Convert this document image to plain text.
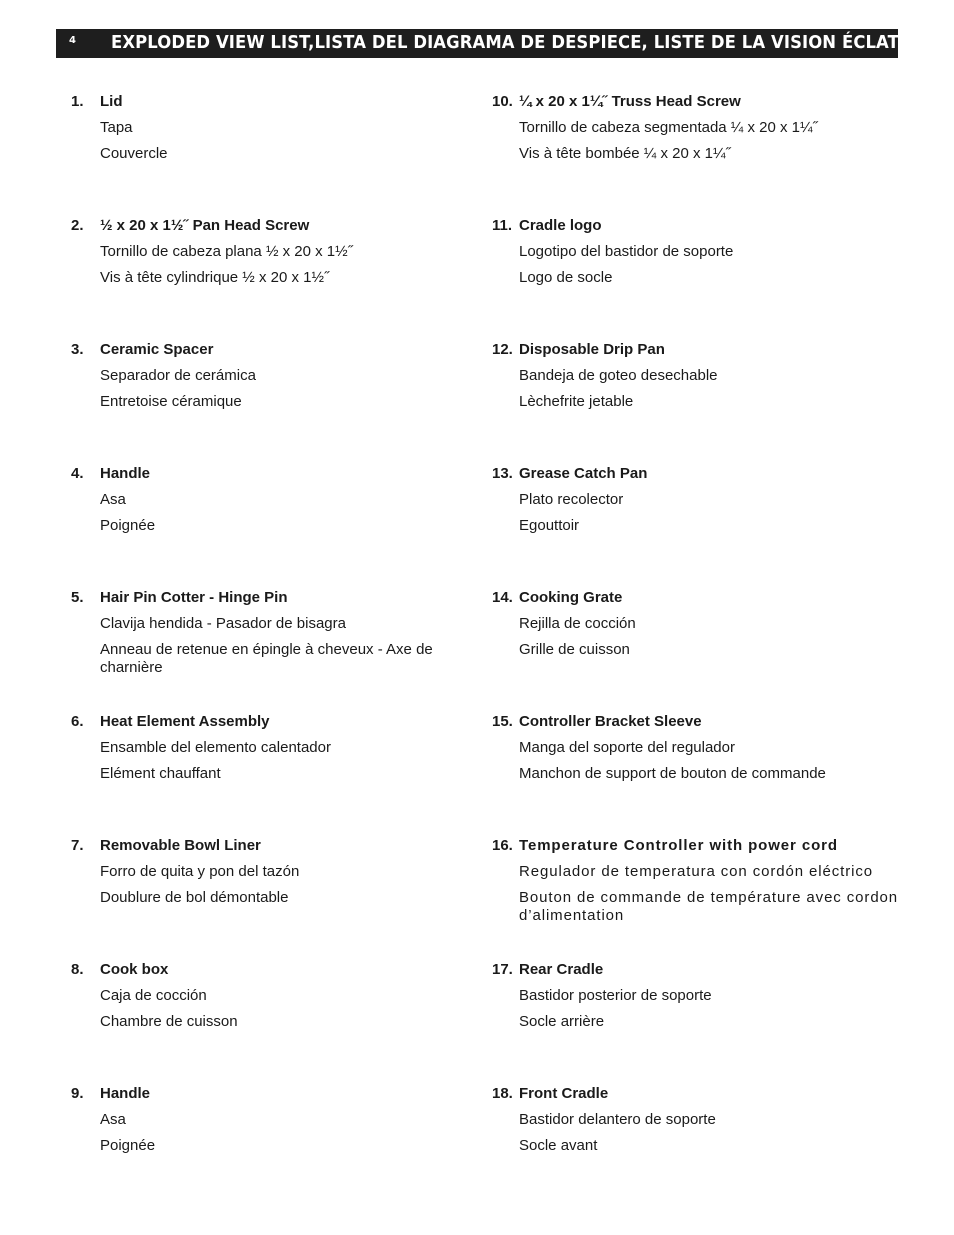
4 EXPLODED VIEW LIST,LISTA DEL DIAGRAMA DE DESPIECE, LISTE DE LA VISION ÉCLATÉE
1. Lid
Tapa
Couvercle
2. ½ x 20 x 1½˝ Pan Head Screw
Tornillo de cabeza plana ½ x 20 x 1½˝
Vis à tête cylindrique ½ x 20 x 1½˝
3. Ceramic Spacer
Separador de cerámica
Entretoise céramique
4. Handle
Asa
Poignée
5. Hair Pin Cotter - Hinge Pin
Clavija hendida - Pasador de bisagra
Anneau de retenue en épingle à cheveux - Axe de charnière
6. Heat Element Assembly
Ensamble del elemento calentador
Elément chauffant
7. Removable Bowl Liner
Forro de quita y pon del tazón
Doublure de bol démontable
8. Cook box
Caja de cocción
Chambre de cuisson
9. Handle
Asa
Poignée
10. ¼ x 20 x 1¼˝ Truss Head Screw
Tornillo de cabeza segmentada ¼ x 20 x 1¼˝
Vis à tête bombée ¼ x 20 x 1¼˝
11. Cradle logo
Logotipo del bastidor de soporte
Logo de socle
12. Disposable Drip Pan
Bandeja de goteo desechable
Lèchefrite jetable
13. Grease Catch Pan
Plato recolector
Egouttoir
14. Cooking Grate
Rejilla de cocción
Grille de cuisson
15. Controller Bracket Sleeve
Manga del soporte del regulador
Manchon de support de bouton de commande
16. Temperature Controller with power cord
Regulador de temperatura con cordón eléctrico
Bouton de commande de température avec cordon d’alimentation
17. Rear Cradle
Bastidor posterior de soporte
Socle arrière
18. Front Cradle
Bastidor delantero de soporte
Socle avant
